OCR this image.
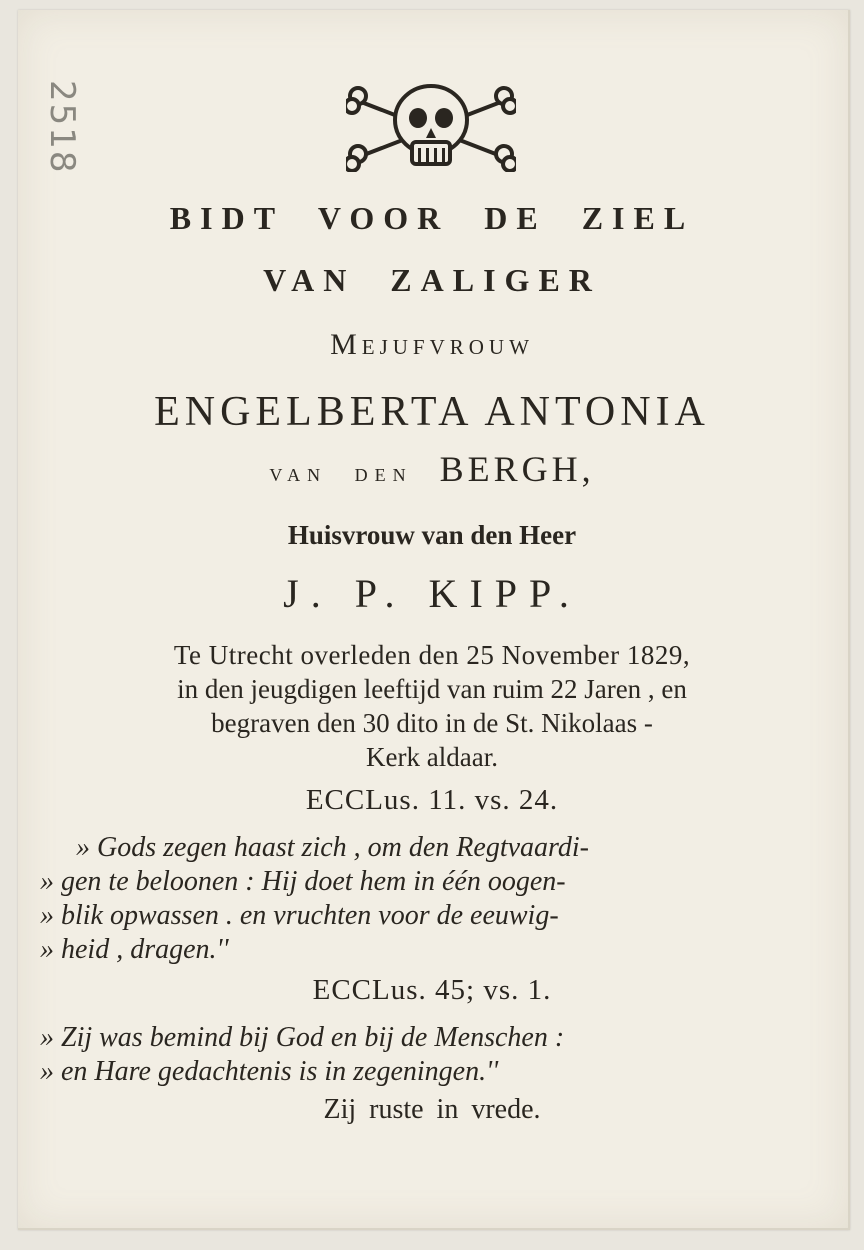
2518
BIDT VOOR DE ZIEL
VAN ZALIGER
Mejufvrouw
ENGELBERTA ANTONIA
van den BERGH,
Huisvrouw van den Heer
J. P. KIPP.
Te Utrecht overleden den 25 November 1829,
in den jeugdigen leeftijd van ruim 22 Jaren , en
begraven den 30 dito in de St. Nikolaas -
Kerk aldaar.
ECCLus. 11. vs. 24.
» Gods zegen haast zich , om den Regtvaardi-
» gen te beloonen : Hij doet hem in één oogen-
» blik opwassen . en vruchten voor de eeuwig-
» heid , dragen.''
ECCLus. 45; vs. 1.
» Zij was bemind bij God en bij de Menschen :
» en Hare gedachtenis is in zegeningen.''
Zij ruste in vrede.
